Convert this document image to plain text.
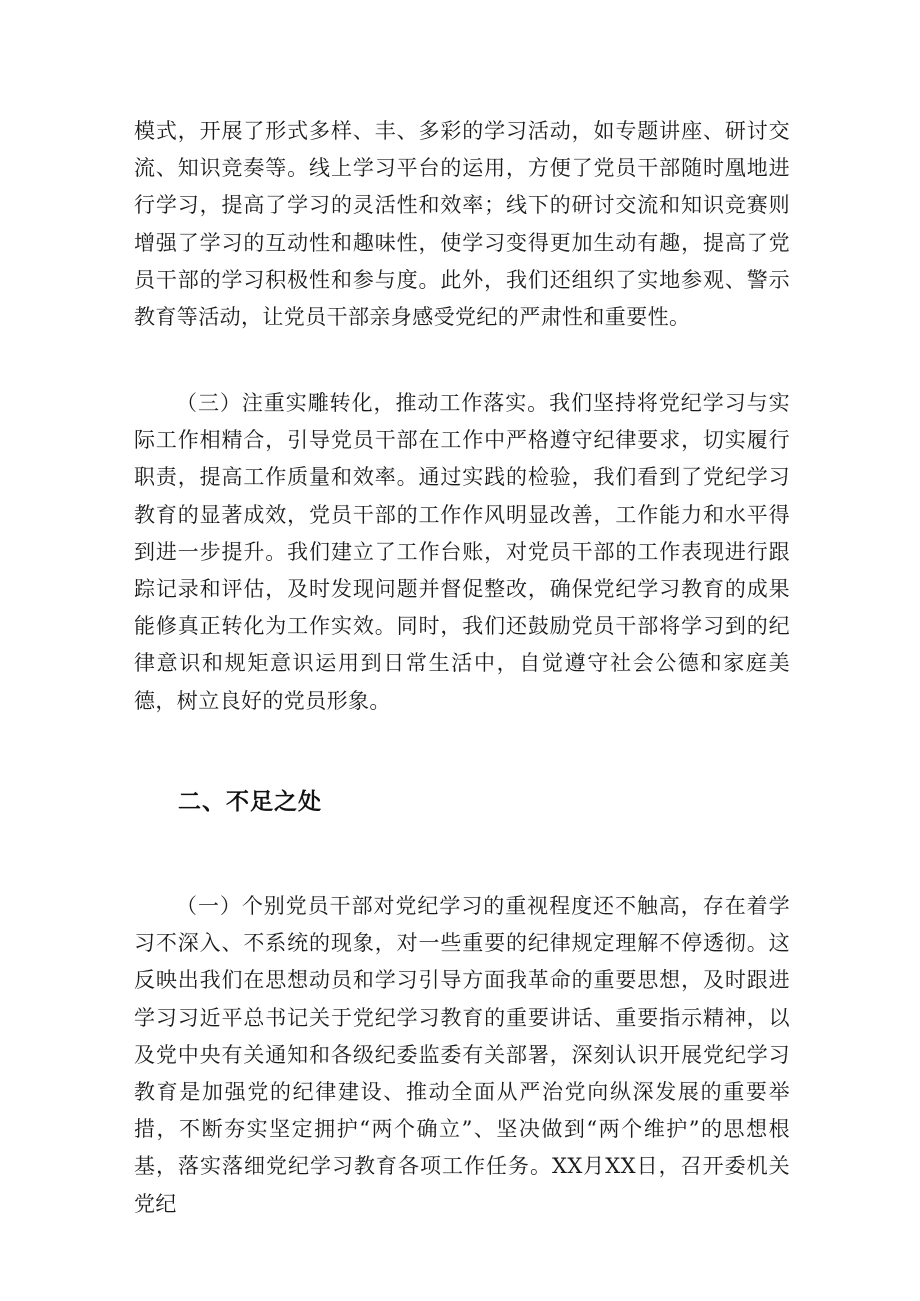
模式，开展了形式多样、丰、多彩的学习活动，如专题讲座、研讨交流、知识竞奏等。线上学习平台的运用，方便了党员干部随时凰地进行学习，提高了学习的灵活性和效率；线下的研讨交流和知识竞赛则增强了学习的互动性和趣味性，使学习变得更加生动有趣，提高了党员干部的学习积极性和参与度。此外，我们还组织了实地参观、警示教育等活动，让党员干部亲身感受党纪的严肃性和重要性。

（三）注重实雕转化，推动工作落实。我们坚持将党纪学习与实际工作相精合，引导党员干部在工作中严格遵守纪律要求，切实履行职责，提高工作质量和效率。通过实践的检验，我们看到了党纪学习教育的显著成效，党员干部的工作作风明显改善，工作能力和水平得到进一步提升。我们建立了工作台账，对党员干部的工作表现进行跟踪记录和评估，及时发现问题并督促整改，确保党纪学习教育的成果能修真正转化为工作实效。同时，我们还鼓励党员干部将学习到的纪律意识和规矩意识运用到日常生活中，自觉遵守社会公德和家庭美德，树立良好的党员形象。

二、不足之处

（一）个别党员干部对党纪学习的重视程度还不触高，存在着学习不深入、不系统的现象，对一些重要的纪律规定理解不停透彻。这反映出我们在思想动员和学习引导方面我革命的重要思想，及时跟进学习习近平总书记关于党纪学习教育的重要讲话、重要指示精神，以及党中央有关通知和各级纪委监委有关部署，深刻认识开展党纪学习教育是加强党的纪律建设、推动全面从严治党向纵深发展的重要举措，不断夯实坚定拥护“两个确立”、坚决做到“两个维护”的思想根基，落实落细党纪学习教育各项工作任务。XX月XX日，召开委机关党纪
